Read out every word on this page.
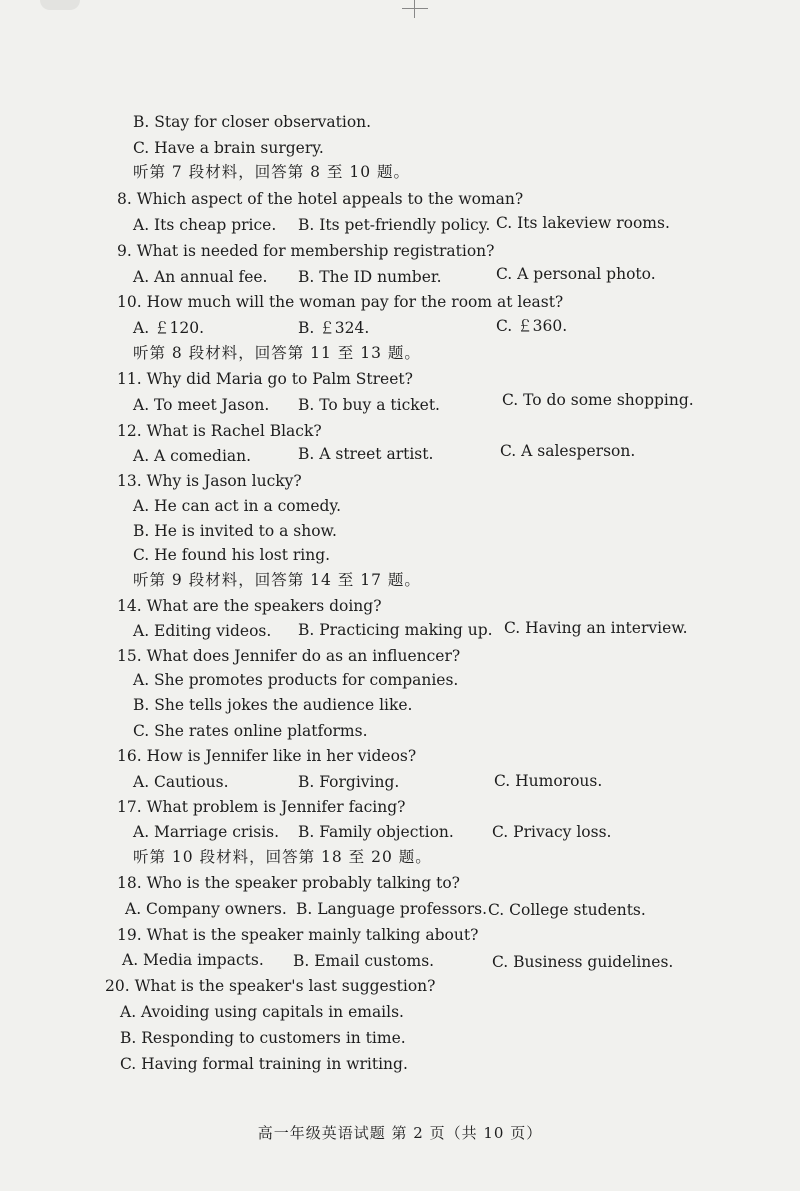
B. Stay for closer observation.
C. Have a brain surgery.
听第 7 段材料，回答第 8 至 10 题。
8. Which aspect of the hotel appeals to the woman?
A. Its cheap price. B. Its pet-friendly policy. C. Its lakeview rooms.
9. What is needed for membership registration?
A. An annual fee. B. The ID number.	C. A personal photo.
10. How much will the woman pay for the room at least?
A. ￡120.	B. ￡324.	C. ￡360.
听第 8 段材料，回答第 11 至 13 题。
11. Why did Maria go to Palm Street?
A. To meet Jason. B. To buy a ticket.	C. To do some shopping.
12. What is Rachel Black?
A. A comedian.	B. A street artist.	C. A salesperson.
13. Why is Jason lucky?
A. He can act in a comedy.
B. He is invited to a show.
C. He found his lost ring.
听第 9 段材料，回答第 14 至 17 题。
14. What are the speakers doing?
A. Editing videos. B. Practicing making up. C. Having an interview.
15. What does Jennifer do as an influencer?
A. She promotes products for companies.
B. She tells jokes the audience like.
C. She rates online platforms.
16. How is Jennifer like in her videos?
A. Cautious.	B. Forgiving.	C. Humorous.
17. What problem is Jennifer facing?
A. Marriage crisis. B. Family objection. C. Privacy loss.
听第 10 段材料，回答第 18 至 20 题。
18. Who is the speaker probably talking to?
A. Company owners. B. Language professors. C. College students.
19. What is the speaker mainly talking about?
A. Media impacts. B. Email customs.	C. Business guidelines.
20. What is the speaker's last suggestion?
A. Avoiding using capitals in emails.
B. Responding to customers in time.
C. Having formal training in writing.
高一年级英语试题 第 2 页（共 10 页）
